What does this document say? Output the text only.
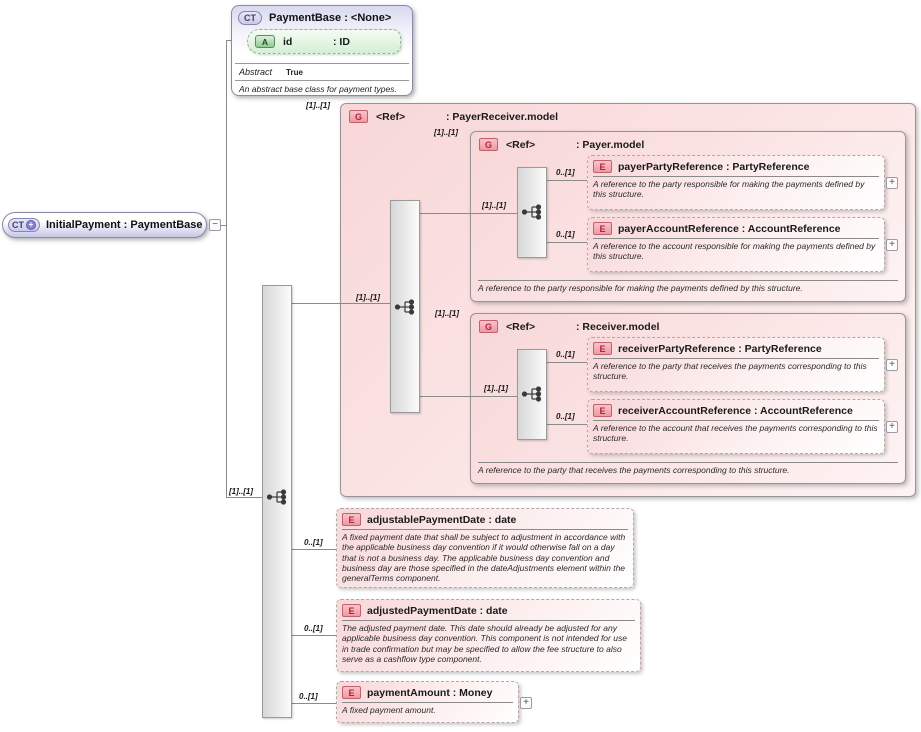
G	<Ref>	: PayerReceiver.model
G	<Ref>	: Payer.model
A reference to the party responsible for making the payments defined by this structure.
G	<Ref>	: Receiver.model
A reference to the party that receives the payments corresponding to this structure.
E	payerPartyReference : PartyReference
A reference to the party responsible for making the payments defined by this structure.
+
E	payerAccountReference : AccountReference
A reference to the account responsible for making the payments defined by this structure.
+
E	receiverPartyReference : PartyReference
A reference to the party that receives the payments corresponding to this structure.
+
E	receiverAccountReference : AccountReference
A reference to the account that receives the payments corresponding to this structure.
+
E	adjustablePaymentDate : date
A fixed payment date that shall be subject to adjustment in accordance with the applicable business day convention if it would otherwise fall on a day that is not a business day. The applicable business day convention and business day are those specified in the dateAdjustments element within the generalTerms component.
E	adjustedPaymentDate : date
The adjusted payment date. This date should already be adjusted for any applicable business day convention. This component is not intended for use in trade confirmation but may be specified to allow the fee structure to also serve as a cashflow type component.
E	paymentAmount : Money
A fixed payment amount.
+
[1]..[1]
[1]..[1]
[1]..[1]
[1]..[1]
0..[1]
0..[1]
[1]..[1]
[1]..[1]
0..[1]
0..[1]
[1]..[1]
0..[1]
0..[1]
0..[1]
CT	PaymentBase : <None>
A	id	: ID
Abstract True
An abstract base class for payment types.
CT + InitialPayment : PaymentBase −
